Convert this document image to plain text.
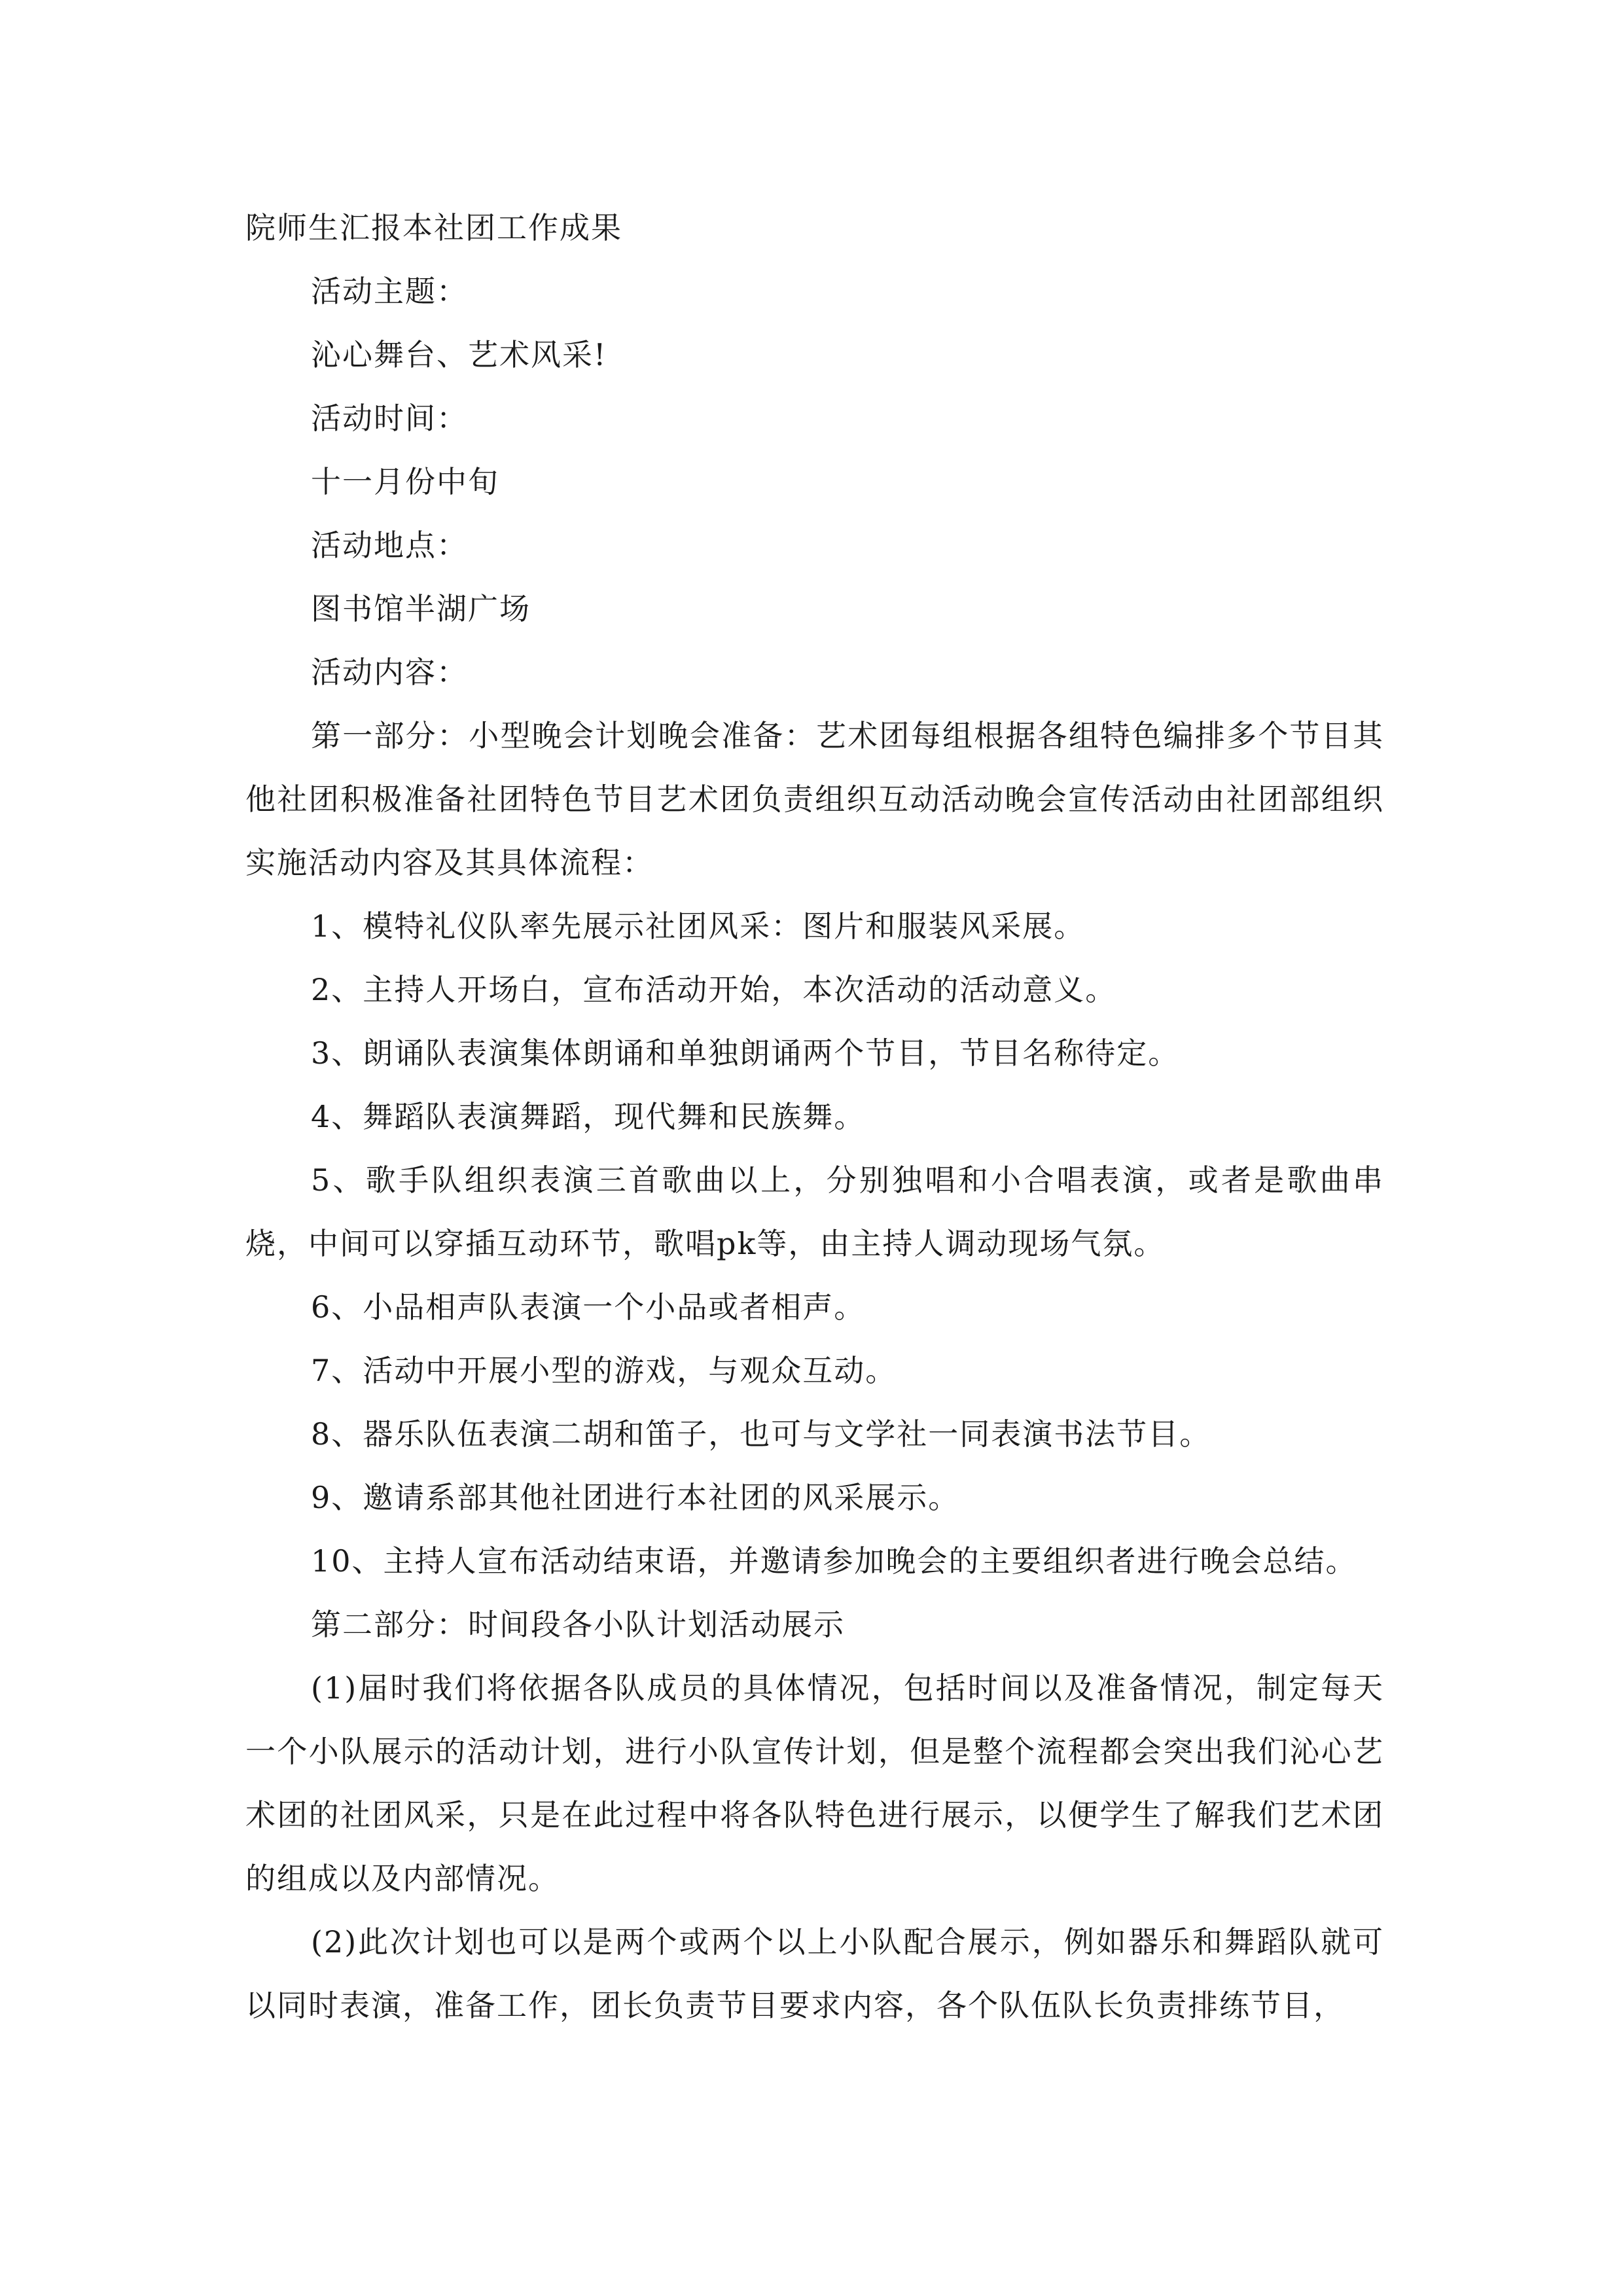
院师生汇报本社团工作成果

活动主题：

沁心舞台、艺术风采!

活动时间：

十一月份中旬

活动地点：

图书馆半湖广场

活动内容：

第一部分：小型晚会计划晚会准备：艺术团每组根据各组特色编排多个节目其他社团积极准备社团特色节目艺术团负责组织互动活动晚会宣传活动由社团部组织实施活动内容及其具体流程：

1、模特礼仪队率先展示社团风采：图片和服装风采展。

2、主持人开场白，宣布活动开始，本次活动的活动意义。

3、朗诵队表演集体朗诵和单独朗诵两个节目，节目名称待定。

4、舞蹈队表演舞蹈，现代舞和民族舞。

5、歌手队组织表演三首歌曲以上，分别独唱和小合唱表演，或者是歌曲串烧，中间可以穿插互动环节，歌唱pk等，由主持人调动现场气氛。

6、小品相声队表演一个小品或者相声。

7、活动中开展小型的游戏，与观众互动。

8、器乐队伍表演二胡和笛子，也可与文学社一同表演书法节目。

9、邀请系部其他社团进行本社团的风采展示。

10、主持人宣布活动结束语，并邀请参加晚会的主要组织者进行晚会总结。

第二部分：时间段各小队计划活动展示

(1)届时我们将依据各队成员的具体情况，包括时间以及准备情况，制定每天一个小队展示的活动计划，进行小队宣传计划，但是整个流程都会突出我们沁心艺术团的社团风采，只是在此过程中将各队特色进行展示，以便学生了解我们艺术团的组成以及内部情况。

(2)此次计划也可以是两个或两个以上小队配合展示，例如器乐和舞蹈队就可以同时表演，准备工作，团长负责节目要求内容，各个队伍队长负责排练节目，
